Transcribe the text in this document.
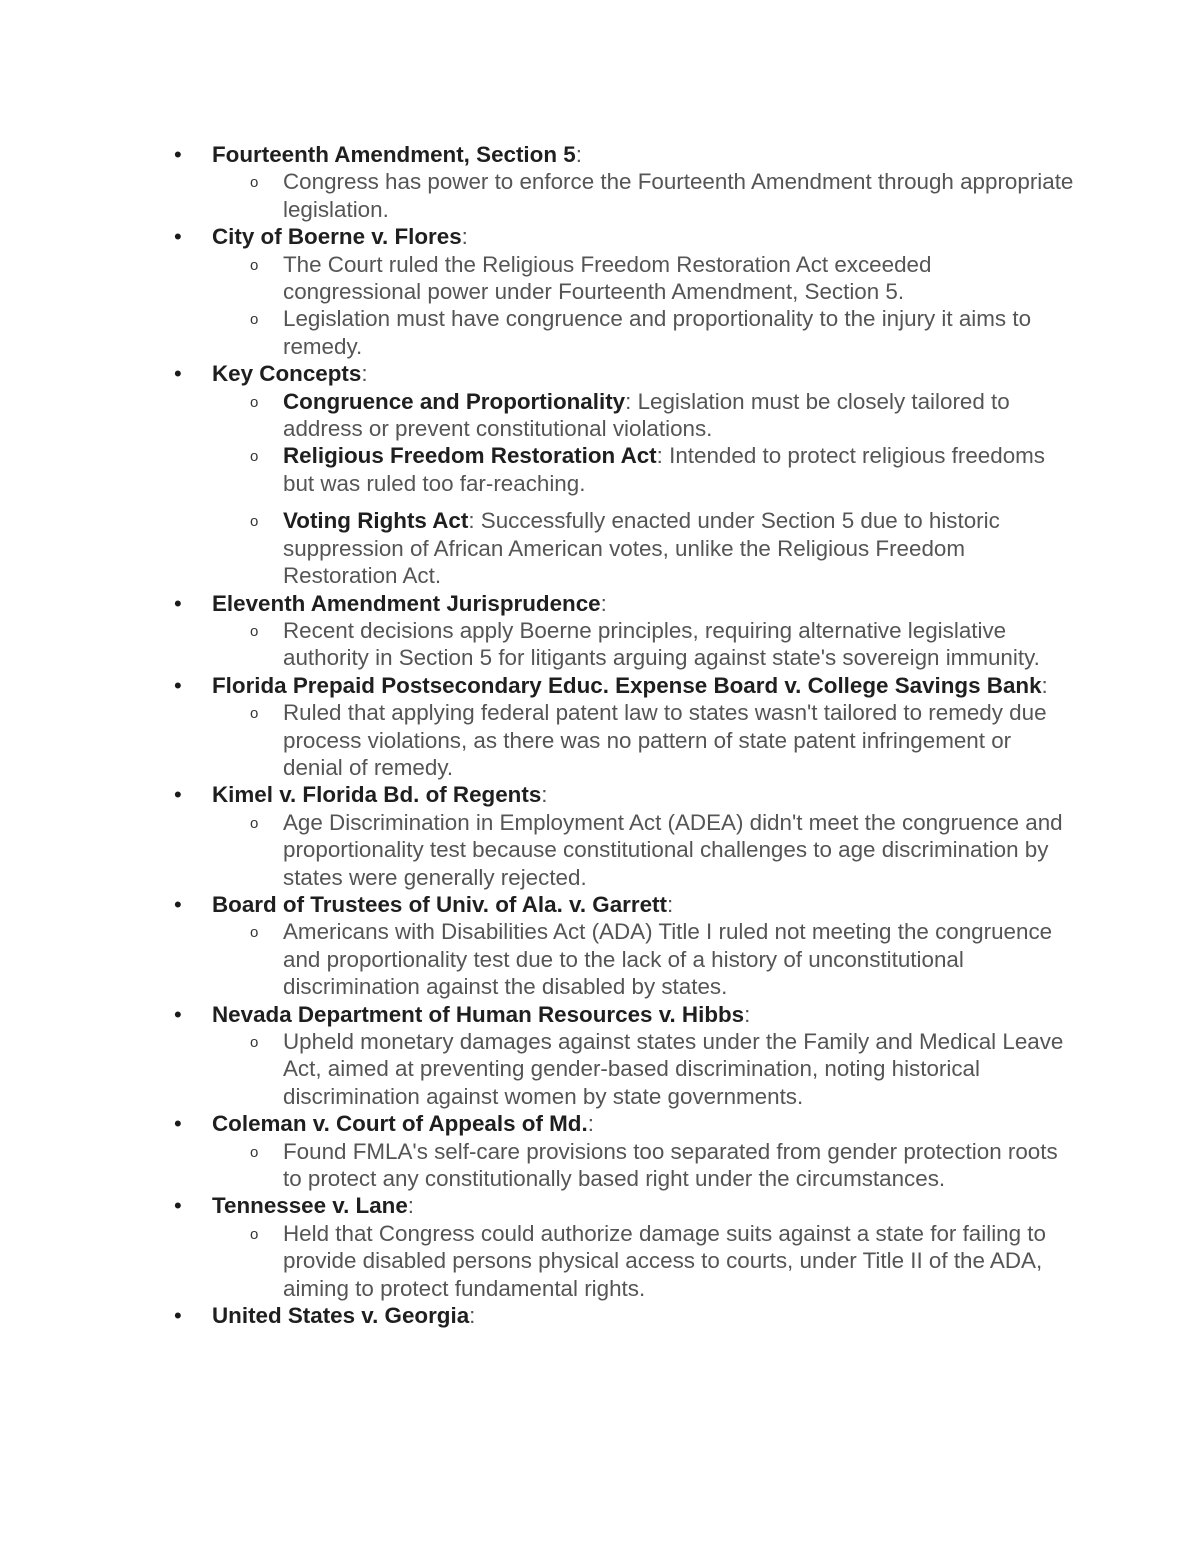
•	Fourteenth Amendment, Section 5:
o Congress has power to enforce the Fourteenth Amendment through appropriate legislation.
•	City of Boerne v. Flores:
o The Court ruled the Religious Freedom Restoration Act exceeded congressional power under Fourteenth Amendment, Section 5.
o Legislation must have congruence and proportionality to the injury it aims to remedy.
•	Key Concepts:
o Congruence and Proportionality: Legislation must be closely tailored to address or prevent constitutional violations.
o Religious Freedom Restoration Act: Intended to protect religious freedoms but was ruled too far-reaching.
o Voting Rights Act: Successfully enacted under Section 5 due to historic suppression of African American votes, unlike the Religious Freedom Restoration Act.
•	Eleventh Amendment Jurisprudence:
o Recent decisions apply Boerne principles, requiring alternative legislative authority in Section 5 for litigants arguing against state's sovereign immunity.
•	Florida Prepaid Postsecondary Educ. Expense Board v. College Savings Bank:
o Ruled that applying federal patent law to states wasn't tailored to remedy due process violations, as there was no pattern of state patent infringement or denial of remedy.
•	Kimel v. Florida Bd. of Regents:
o Age Discrimination in Employment Act (ADEA) didn't meet the congruence and proportionality test because constitutional challenges to age discrimination by states were generally rejected.
•	Board of Trustees of Univ. of Ala. v. Garrett:
o Americans with Disabilities Act (ADA) Title I ruled not meeting the congruence and proportionality test due to the lack of a history of unconstitutional discrimination against the disabled by states.
•	Nevada Department of Human Resources v. Hibbs:
o Upheld monetary damages against states under the Family and Medical Leave Act, aimed at preventing gender-based discrimination, noting historical discrimination against women by state governments.
•	Coleman v. Court of Appeals of Md.:
o Found FMLA's self-care provisions too separated from gender protection roots to protect any constitutionally based right under the circumstances.
•	Tennessee v. Lane:
o Held that Congress could authorize damage suits against a state for failing to provide disabled persons physical access to courts, under Title II of the ADA, aiming to protect fundamental rights.
•	United States v. Georgia:
